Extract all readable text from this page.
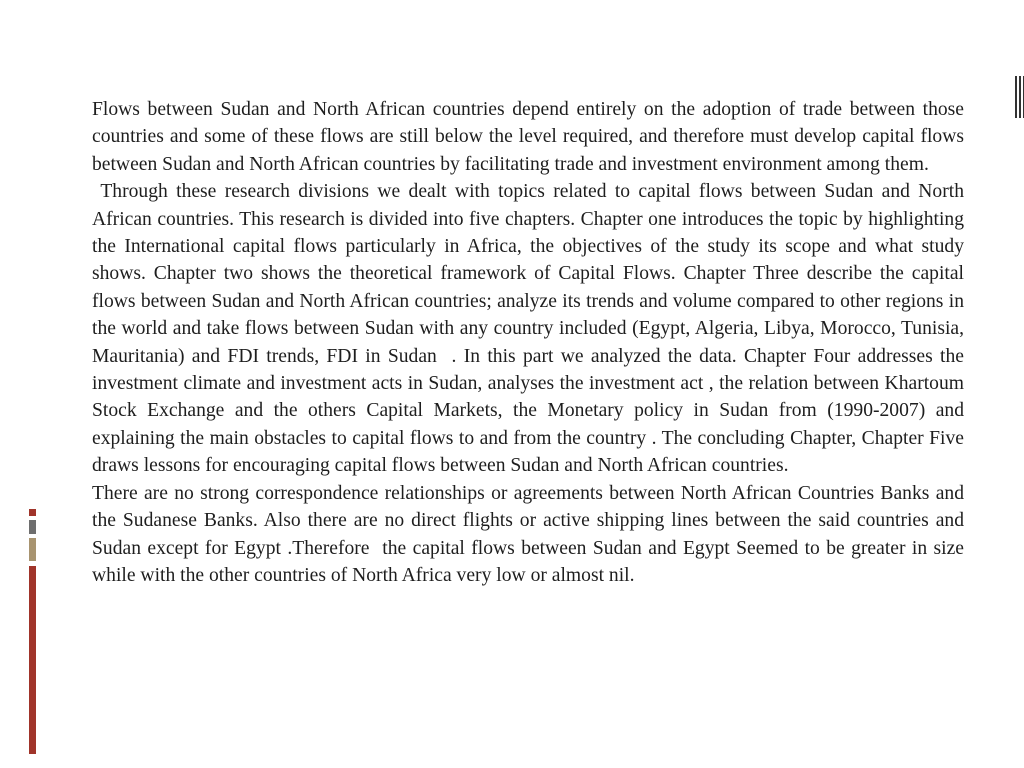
Flows between Sudan and North African countries depend entirely on the adoption of trade between those countries and some of these flows are still below the level required, and therefore must develop capital flows between Sudan and North African countries by facilitating trade and investment environment among them.

Through these research divisions we dealt with topics related to capital flows between Sudan and North African countries. This research is divided into five chapters. Chapter one introduces the topic by highlighting the International capital flows particularly in Africa, the objectives of the study its scope and what study shows. Chapter two shows the theoretical framework of Capital Flows. Chapter Three describe the capital flows between Sudan and North African countries; analyze its trends and volume compared to other regions in the world and take flows between Sudan with any country included (Egypt, Algeria, Libya, Morocco, Tunisia, Mauritania) and FDI trends, FDI in Sudan  . In this part we analyzed the data. Chapter Four addresses the investment climate and investment acts in Sudan, analyses the investment act , the relation between Khartoum Stock Exchange and the others Capital Markets, the Monetary policy in Sudan from (1990-2007) and explaining the main obstacles to capital flows to and from the country . The concluding Chapter, Chapter Five draws lessons for encouraging capital flows between Sudan and North African countries.

There are no strong correspondence relationships or agreements between North African Countries Banks and the Sudanese Banks. Also there are no direct flights or active shipping lines between the said countries and Sudan except for Egypt .Therefore  the capital flows between Sudan and Egypt Seemed to be greater in size  while with the other countries of North Africa very low or almost nil.
